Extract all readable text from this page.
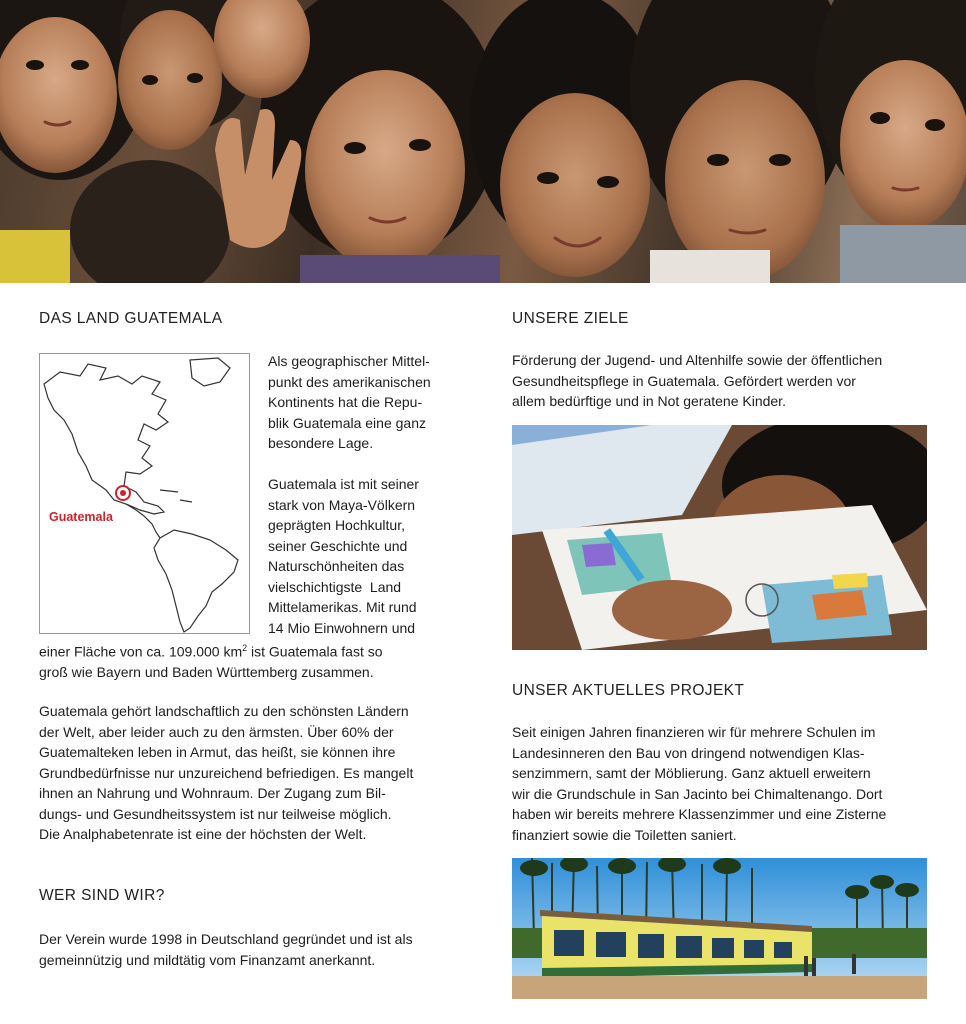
DAS LAND GUATEMALA
Guatemala
Als geographischer Mittel-
punkt des amerikanischen
Kontinents hat die Repu-
blik Guatemala eine ganz
besondere Lage.
Guatemala ist mit seiner
stark von Maya-Völkern
geprägten Hochkultur,
seiner Geschichte und
Naturschönheiten das
vielschichtigste  Land
Mittelamerikas. Mit rund
14 Mio Einwohnern und
einer Fläche von ca. 109.000 $km^2$ ist Guatemala fast so
groß wie Bayern und Baden Württemberg zusammen.
Guatemala gehört landschaftlich zu den schönsten Ländern
der Welt, aber leider auch zu den ärmsten. Über 60% der
Guatemalteken leben in Armut, das heißt, sie können ihre
Grundbedürfnisse nur unzureichend befriedigen. Es mangelt
ihnen an Nahrung und Wohnraum. Der Zugang zum Bil-
dungs- und Gesundheitssystem ist nur teilweise möglich.
Die Analphabetenrate ist eine der höchsten der Welt.
WER SIND WIR?
Der Verein wurde 1998 in Deutschland gegründet und ist als
gemeinnützig und mildtätig vom Finanzamt anerkannt.
UNSERE ZIELE
Förderung der Jugend- und Altenhilfe sowie der öffentlichen
Gesundheitspflege in Guatemala. Gefördert werden vor
allem bedürftige und in Not geratene Kinder.
UNSER AKTUELLES PROJEKT
Seit einigen Jahren finanzieren wir für mehrere Schulen im
Landesinneren den Bau von dringend notwendigen Klas-
senzimmern, samt der Möblierung. Ganz aktuell erweitern
wir die Grundschule in San Jacinto bei Chimaltenango. Dort
haben wir bereits mehrere Klassenzimmer und eine Zisterne
finanziert sowie die Toiletten saniert.
